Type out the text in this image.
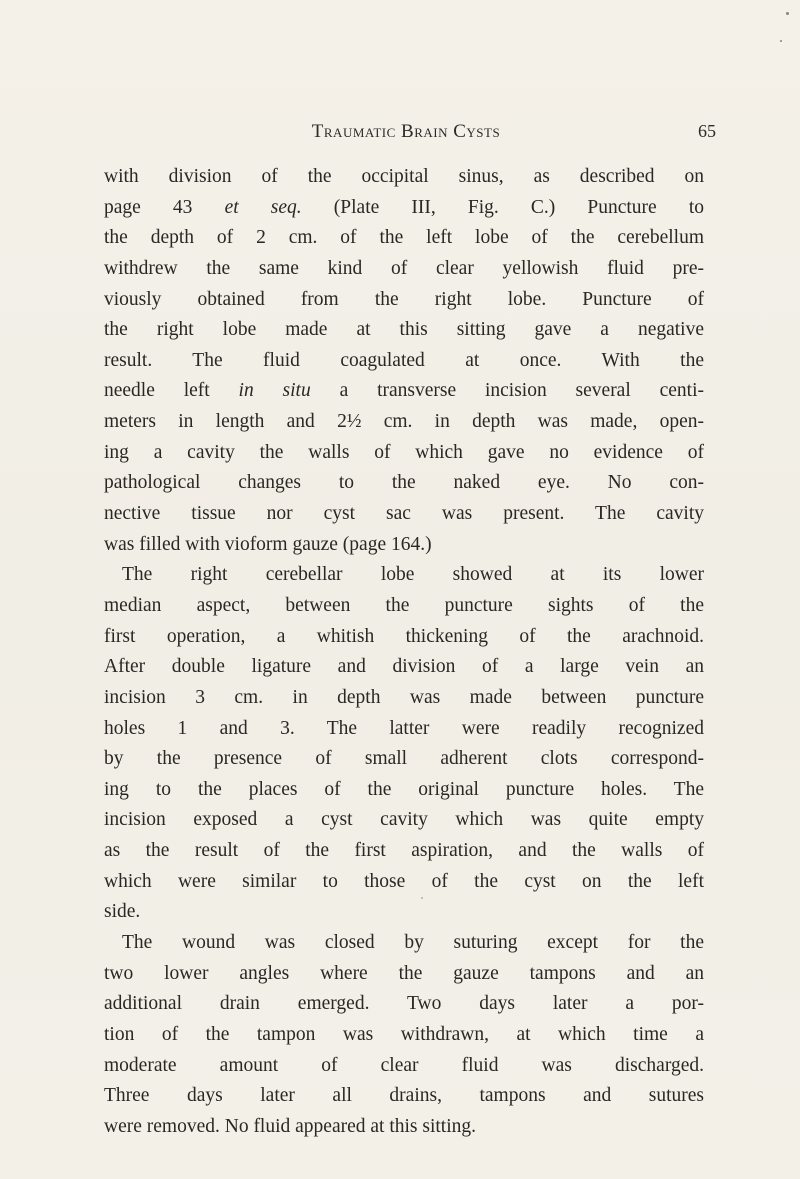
Traumatic Brain Cysts	65
with division of the occipital sinus, as described on
page 43 et seq. (Plate III, Fig. C.) Puncture to
the depth of 2 cm. of the left lobe of the cerebellum
withdrew the same kind of clear yellowish fluid pre-
viously obtained from the right lobe. Puncture of
the right lobe made at this sitting gave a negative
result. The fluid coagulated at once. With the
needle left in situ a transverse incision several centi-
meters in length and 2½ cm. in depth was made, open-
ing a cavity the walls of which gave no evidence of
pathological changes to the naked eye. No con-
nective tissue nor cyst sac was present. The cavity
was filled with vioform gauze (page 164.)
The right cerebellar lobe showed at its lower
median aspect, between the puncture sights of the
first operation, a whitish thickening of the arachnoid.
After double ligature and division of a large vein an
incision 3 cm. in depth was made between puncture
holes 1 and 3. The latter were readily recognized
by the presence of small adherent clots correspond-
ing to the places of the original puncture holes. The
incision exposed a cyst cavity which was quite empty
as the result of the first aspiration, and the walls of
which were similar to those of the cyst on the left
side.
The wound was closed by suturing except for the
two lower angles where the gauze tampons and an
additional drain emerged. Two days later a por-
tion of the tampon was withdrawn, at which time a
moderate amount of clear fluid was discharged.
Three days later all drains, tampons and sutures
were removed. No fluid appeared at this sitting.
